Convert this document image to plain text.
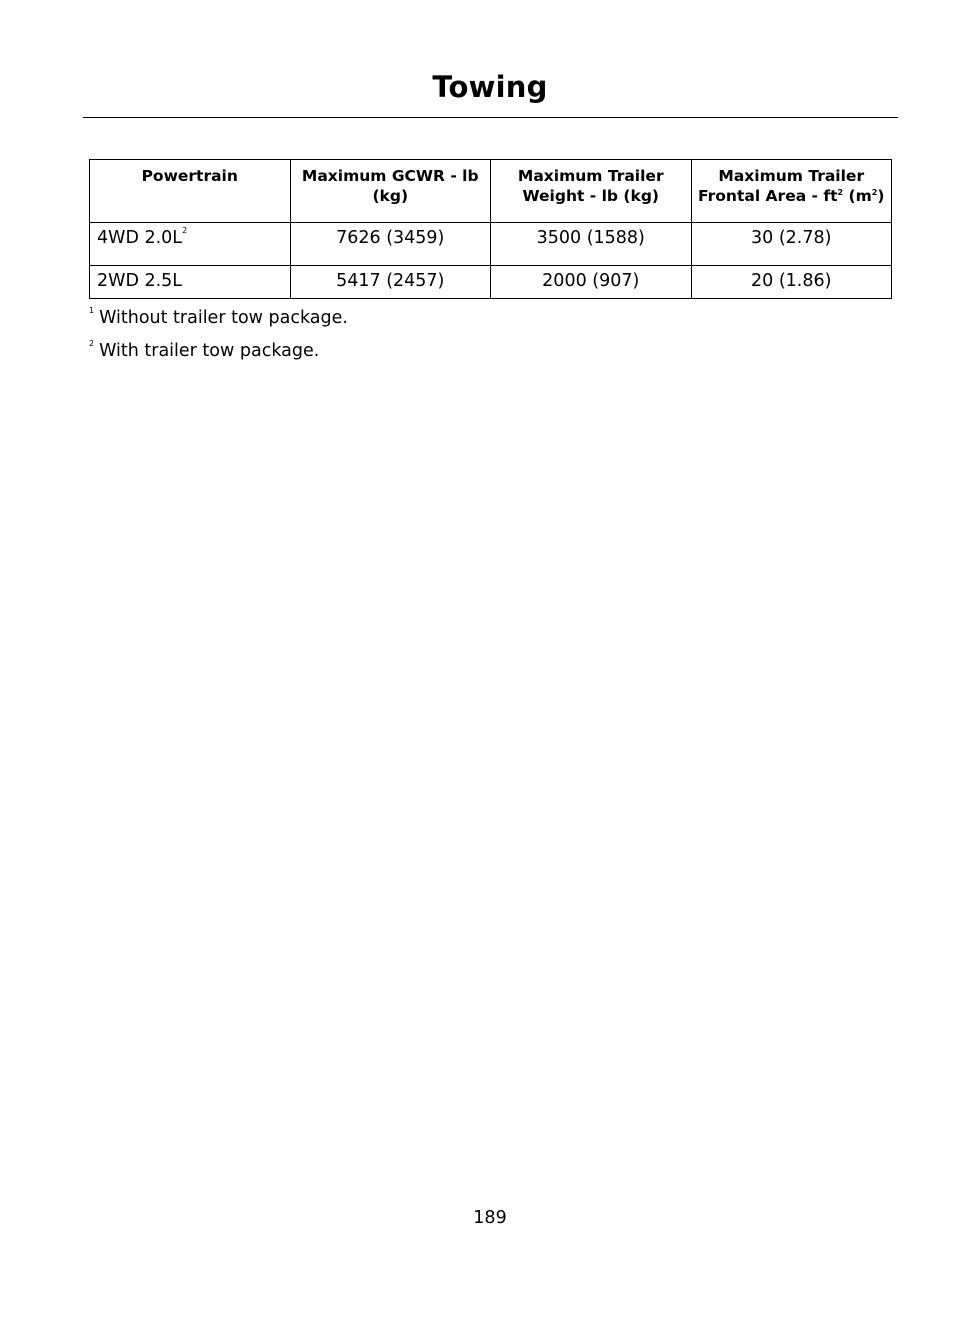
Towing
Powertrain	Maximum GCWR - lb (kg)	Maximum Trailer Weight - lb (kg)	Maximum Trailer Frontal Area - $ft^2$ $(m^2)$
4WD $2.0L^2$	7626 (3459)	3500 (1588)	30 (2.78)
2WD 2.5L	5417 (2457)	2000 (907)	20 (1.86)
$^1$ Without trailer tow package.
$^2$ With trailer tow package.
189
